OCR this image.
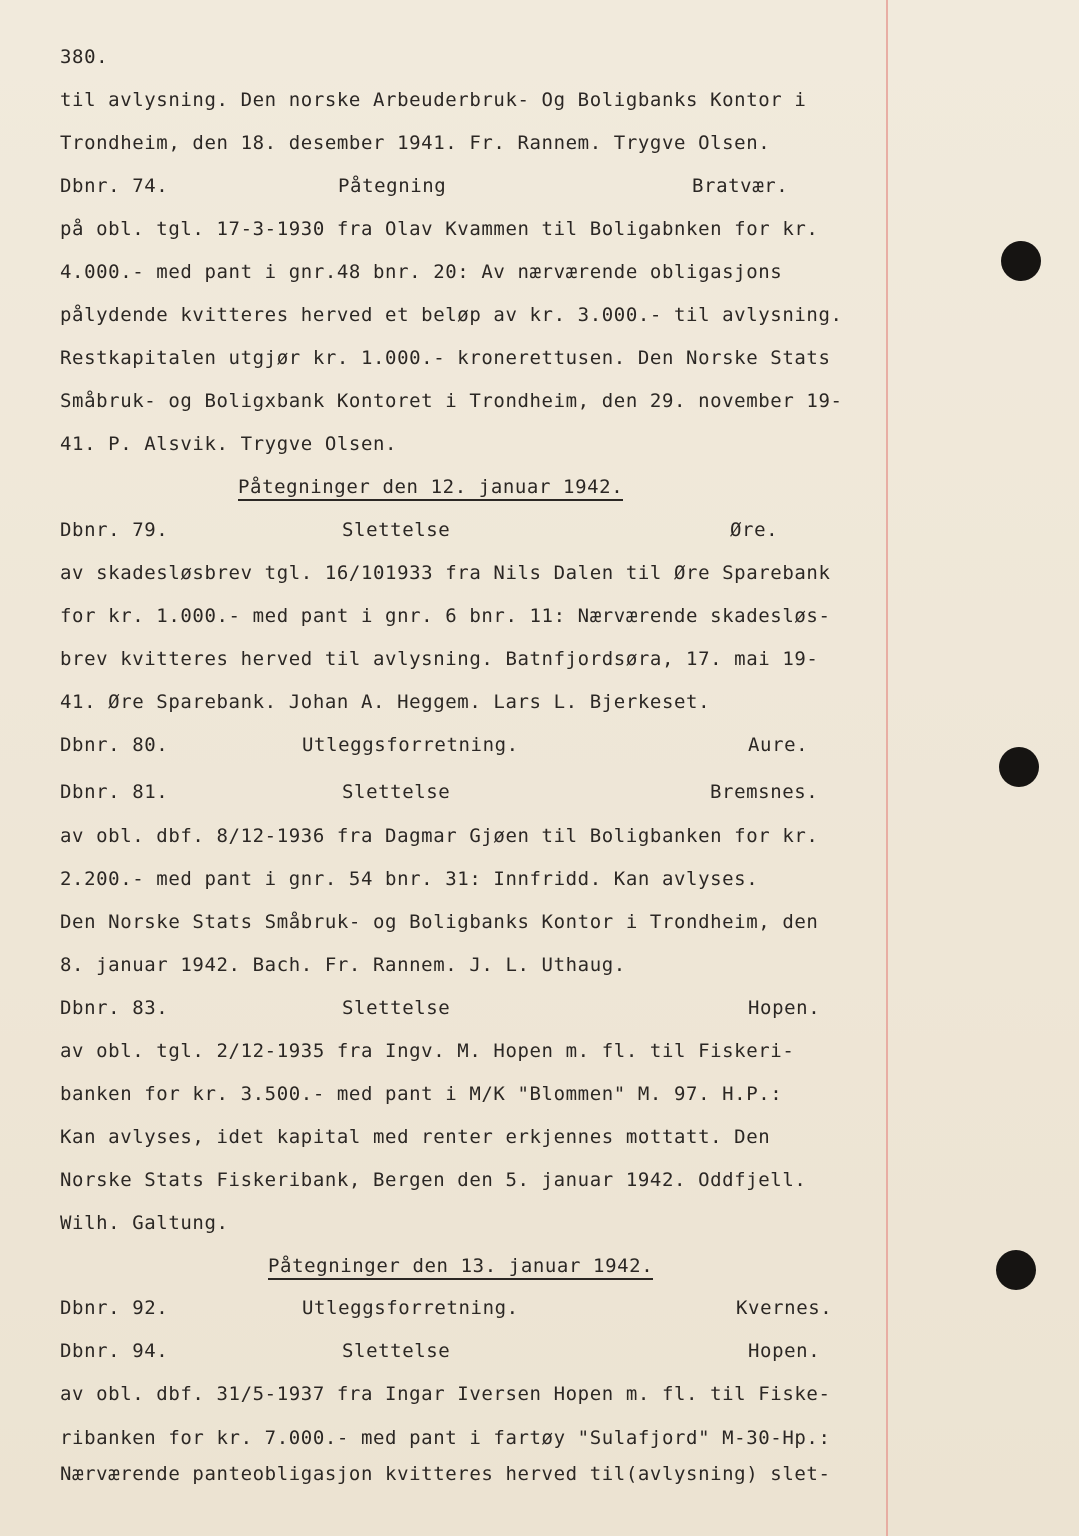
380.
til avlysning. Den norske Arbeuderbruk- Og Boligbanks Kontor i
Trondheim, den 18. desember 1941. Fr. Rannem. Trygve Olsen.
Dbnr. 74.	Påtegning	Bratvær.
på obl. tgl. 17-3-1930 fra Olav Kvammen til Boligabnken for kr.
4.000.- med pant i gnr.48 bnr. 20: Av nærværende obligasjons
pålydende kvitteres herved et beløp av kr. 3.000.- til avlysning.
Restkapitalen utgjør kr. 1.000.- kronerettusen. Den Norske Stats
Småbruk- og Boligxbank Kontoret i Trondheim, den 29. november 19-
41. P. Alsvik. Trygve Olsen.
Påtegninger den 12. januar 1942.
Dbnr. 79.	Slettelse	Øre.
av skadesløsbrev tgl. 16/101933 fra Nils Dalen til Øre Sparebank
for kr. 1.000.- med pant i gnr. 6 bnr. 11: Nærværende skadesløs-
brev kvitteres herved til avlysning. Batnfjordsøra, 17. mai 19-
41. Øre Sparebank. Johan A. Heggem. Lars L. Bjerkeset.
Dbnr. 80.	Utleggsforretning.	Aure.
Dbnr. 81.	Slettelse	Bremsnes.
av obl. dbf. 8/12-1936 fra Dagmar Gjøen til Boligbanken for kr.
2.200.- med pant i gnr. 54 bnr. 31: Innfridd. Kan avlyses.
Den Norske Stats Småbruk- og Boligbanks Kontor i Trondheim, den
8. januar 1942. Bach. Fr. Rannem. J. L. Uthaug.
Dbnr. 83.	Slettelse	Hopen.
av obl. tgl. 2/12-1935 fra Ingv. M. Hopen m. fl. til Fiskeri-
banken for kr. 3.500.- med pant i M/K "Blommen" M. 97. H.P.:
Kan avlyses, idet kapital med renter erkjennes mottatt. Den
Norske Stats Fiskeribank, Bergen den 5. januar 1942. Oddfjell.
Wilh. Galtung.
Påtegninger den 13. januar 1942.
Dbnr. 92.	Utleggsforretning.	Kvernes.
Dbnr. 94.	Slettelse	Hopen.
av obl. dbf. 31/5-1937 fra Ingar Iversen Hopen m. fl. til Fiske-
ribanken for kr. 7.000.- med pant i fartøy "Sulafjord" M-30-Hp.:
Nærværende panteobligasjon kvitteres herved til(avlysning) slet-
